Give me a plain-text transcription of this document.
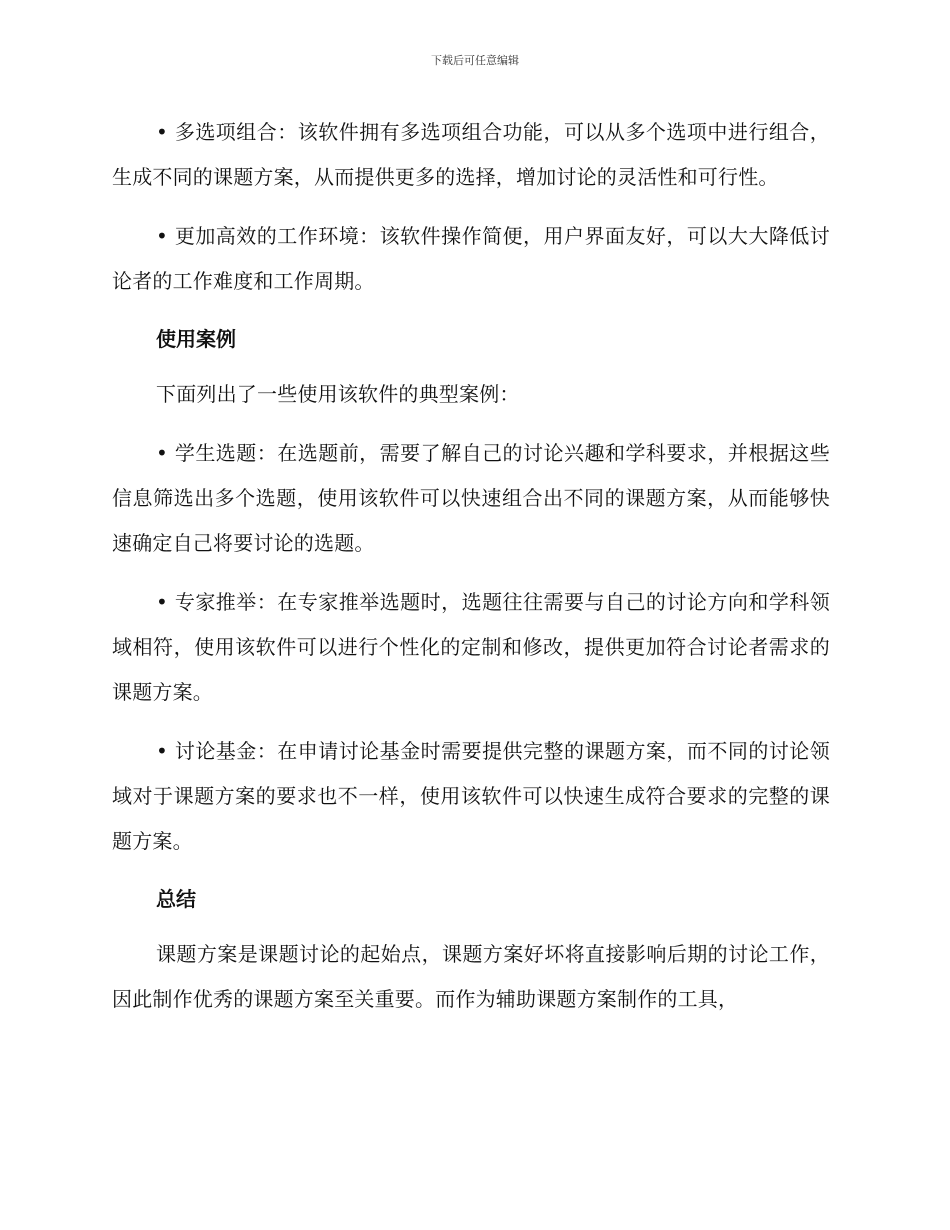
下载后可任意编辑

• 多选项组合：该软件拥有多选项组合功能，可以从多个选项中进行组合，生成不同的课题方案，从而提供更多的选择，增加讨论的灵活性和可行性。

• 更加高效的工作环境：该软件操作简便，用户界面友好，可以大大降低讨论者的工作难度和工作周期。

使用案例

下面列出了一些使用该软件的典型案例：

• 学生选题：在选题前，需要了解自己的讨论兴趣和学科要求，并根据这些信息筛选出多个选题，使用该软件可以快速组合出不同的课题方案，从而能够快速确定自己将要讨论的选题。

• 专家推举：在专家推举选题时，选题往往需要与自己的讨论方向和学科领域相符，使用该软件可以进行个性化的定制和修改，提供更加符合讨论者需求的课题方案。

• 讨论基金：在申请讨论基金时需要提供完整的课题方案，而不同的讨论领域对于课题方案的要求也不一样，使用该软件可以快速生成符合要求的完整的课题方案。

总结

课题方案是课题讨论的起始点，课题方案好坏将直接影响后期的讨论工作，因此制作优秀的课题方案至关重要。而作为辅助课题方案制作的工具，
